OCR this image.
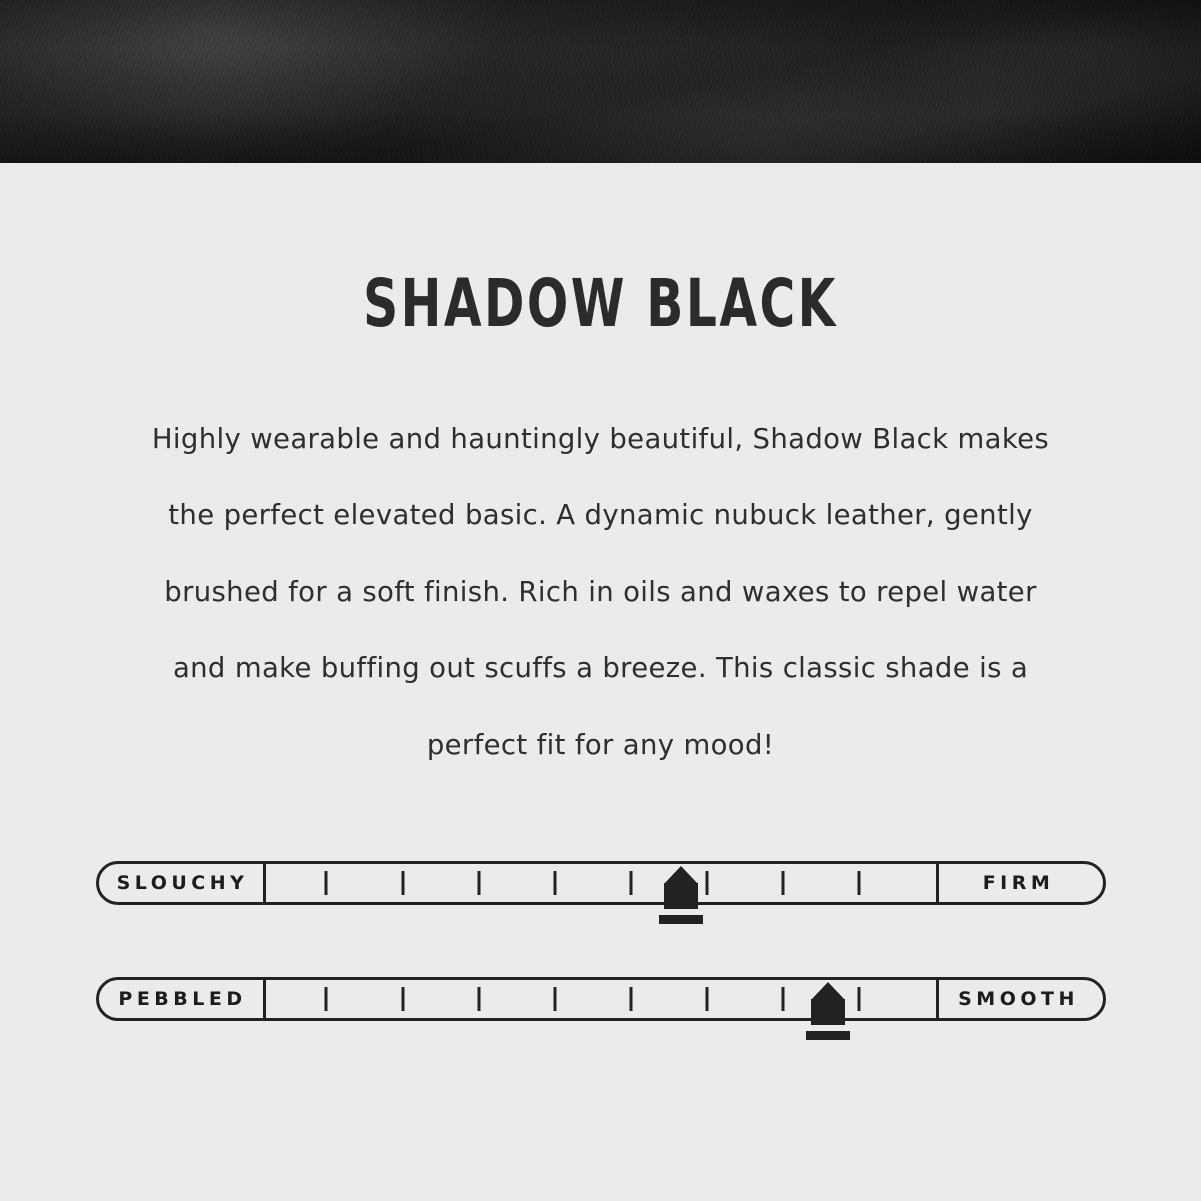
SHADOW BLACK

Highly wearable and hauntingly beautiful, Shadow Black makes the perfect elevated basic. A dynamic nubuck leather, gently brushed for a soft finish. Rich in oils and waxes to repel water and make buffing out scuffs a breeze. This classic shade is a perfect fit for any mood!

SLOUCHY	FIRM
PEBBLED	SMOOTH
